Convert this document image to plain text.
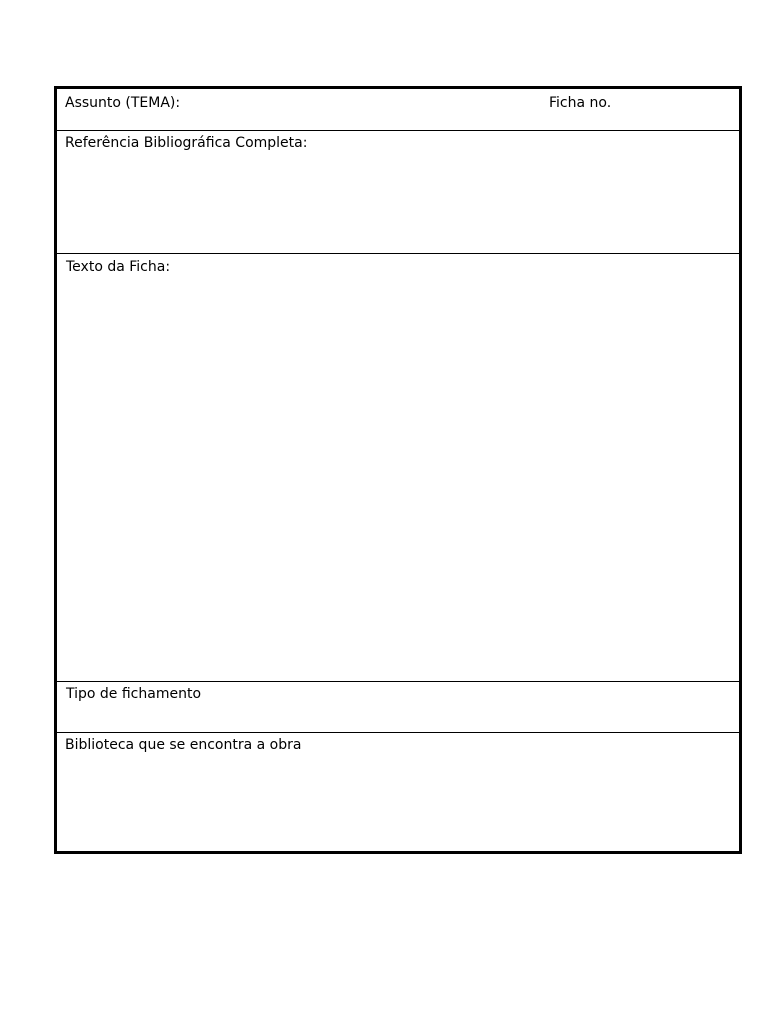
Assunto (TEMA):	Ficha no.
Referência Bibliográfica Completa:
Texto da Ficha:
Tipo de fichamento
Biblioteca que se encontra a obra
